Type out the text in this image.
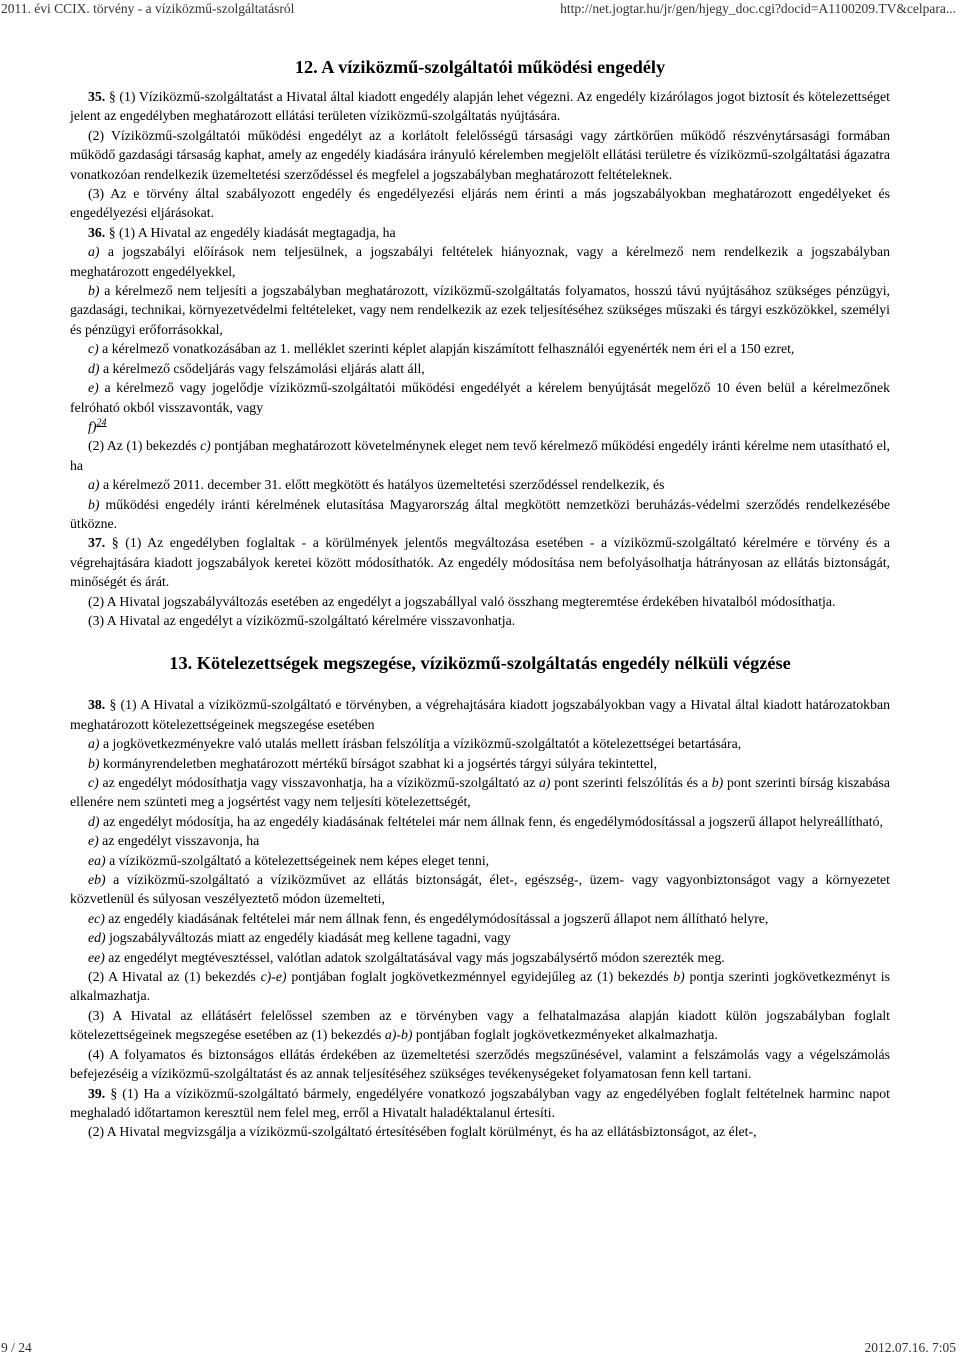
2011. évi CCIX. törvény - a víziközmű-szolgáltatásról	http://net.jogtar.hu/jr/gen/hjegy_doc.cgi?docid=A1100209.TV&celpara...
12. A víziközmű-szolgáltatói működési engedély

35. § (1) Víziközmű-szolgáltatást a Hivatal által kiadott engedély alapján lehet végezni. Az engedély kizárólagos jogot biztosít és kötelezettséget jelent az engedélyben meghatározott ellátási területen víziközmű-szolgáltatás nyújtására.

(2) Víziközmű-szolgáltatói működési engedélyt az a korlátolt felelősségű társasági vagy zártkörűen működő részvénytársasági formában működő gazdasági társaság kaphat, amely az engedély kiadására irányuló kérelemben megjelölt ellátási területre és víziközmű-szolgáltatási ágazatra vonatkozóan rendelkezik üzemeltetési szerződéssel és megfelel a jogszabályban meghatározott feltételeknek.

(3) Az e törvény által szabályozott engedély és engedélyezési eljárás nem érinti a más jogszabályokban meghatározott engedélyeket és engedélyezési eljárásokat.

36. § (1) A Hivatal az engedély kiadását megtagadja, ha

a) a jogszabályi előírások nem teljesülnek, a jogszabályi feltételek hiányoznak, vagy a kérelmező nem rendelkezik a jogszabályban meghatározott engedélyekkel,

b) a kérelmező nem teljesíti a jogszabályban meghatározott, víziközmű-szolgáltatás folyamatos, hosszú távú nyújtásához szükséges pénzügyi, gazdasági, technikai, környezetvédelmi feltételeket, vagy nem rendelkezik az ezek teljesítéséhez szükséges műszaki és tárgyi eszközökkel, személyi és pénzügyi erőforrásokkal,

c) a kérelmező vonatkozásában az 1. melléklet szerinti képlet alapján kiszámított felhasználói egyenérték nem éri el a 150 ezret,

d) a kérelmező csődeljárás vagy felszámolási eljárás alatt áll,

e) a kérelmező vagy jogelődje víziközmű-szolgáltatói működési engedélyét a kérelem benyújtását megelőző 10 éven belül a kérelmezőnek felróható okból visszavonták, vagy

f)$^{24}$

(2) Az (1) bekezdés c) pontjában meghatározott követelménynek eleget nem tevő kérelmező működési engedély iránti kérelme nem utasítható el, ha

a) a kérelmező 2011. december 31. előtt megkötött és hatályos üzemeltetési szerződéssel rendelkezik, és

b) működési engedély iránti kérelmének elutasítása Magyarország által megkötött nemzetközi beruházás-védelmi szerződés rendelkezésébe ütközne.

37. § (1) Az engedélyben foglaltak - a körülmények jelentős megváltozása esetében - a víziközmű-szolgáltató kérelmére e törvény és a végrehajtására kiadott jogszabályok keretei között módosíthatók. Az engedély módosítása nem befolyásolhatja hátrányosan az ellátás biztonságát, minőségét és árát.

(2) A Hivatal jogszabályváltozás esetében az engedélyt a jogszabállyal való összhang megteremtése érdekében hivatalból módosíthatja.

(3) A Hivatal az engedélyt a víziközmű-szolgáltató kérelmére visszavonhatja.

13. Kötelezettségek megszegése, víziközmű-szolgáltatás engedély nélküli végzése

38. § (1) A Hivatal a víziközmű-szolgáltató e törvényben, a végrehajtására kiadott jogszabályokban vagy a Hivatal által kiadott határozatokban meghatározott kötelezettségeinek megszegése esetében

a) a jogkövetkezményekre való utalás mellett írásban felszólítja a víziközmű-szolgáltatót a kötelezettségei betartására,

b) kormányrendeletben meghatározott mértékű bírságot szabhat ki a jogsértés tárgyi súlyára tekintettel,

c) az engedélyt módosíthatja vagy visszavonhatja, ha a víziközmű-szolgáltató az a) pont szerinti felszólítás és a b) pont szerinti bírság kiszabása ellenére nem szünteti meg a jogsértést vagy nem teljesíti kötelezettségét,

d) az engedélyt módosítja, ha az engedély kiadásának feltételei már nem állnak fenn, és engedélymódosítással a jogszerű állapot helyreállítható,

e) az engedélyt visszavonja, ha

ea) a víziközmű-szolgáltató a kötelezettségeinek nem képes eleget tenni,

eb) a víziközmű-szolgáltató a víziközművet az ellátás biztonságát, élet-, egészség-, üzem- vagy vagyonbiztonságot vagy a környezetet közvetlenül és súlyosan veszélyeztető módon üzemelteti,

ec) az engedély kiadásának feltételei már nem állnak fenn, és engedélymódosítással a jogszerű állapot nem állítható helyre,

ed) jogszabályváltozás miatt az engedély kiadását meg kellene tagadni, vagy

ee) az engedélyt megtévesztéssel, valótlan adatok szolgáltatásával vagy más jogszabálysértő módon szerezték meg.

(2) A Hivatal az (1) bekezdés c)-e) pontjában foglalt jogkövetkezménnyel egyidejűleg az (1) bekezdés b) pontja szerinti jogkövetkezményt is alkalmazhatja.

(3) A Hivatal az ellátásért felelőssel szemben az e törvényben vagy a felhatalmazása alapján kiadott külön jogszabályban foglalt kötelezettségeinek megszegése esetében az (1) bekezdés a)-b) pontjában foglalt jogkövetkezményeket alkalmazhatja.

(4) A folyamatos és biztonságos ellátás érdekében az üzemeltetési szerződés megszűnésével, valamint a felszámolás vagy a végelszámolás befejezéséig a víziközmű-szolgáltatást és az annak teljesítéséhez szükséges tevékenységeket folyamatosan fenn kell tartani.

39. § (1) Ha a víziközmű-szolgáltató bármely, engedélyére vonatkozó jogszabályban vagy az engedélyében foglalt feltételnek harminc napot meghaladó időtartamon keresztül nem felel meg, erről a Hivatalt haladéktalanul értesíti.

(2) A Hivatal megvizsgálja a víziközmű-szolgáltató értesítésében foglalt körülményt, és ha az ellátásbiztonságot, az élet-,

9 / 24	2012.07.16. 7:05
